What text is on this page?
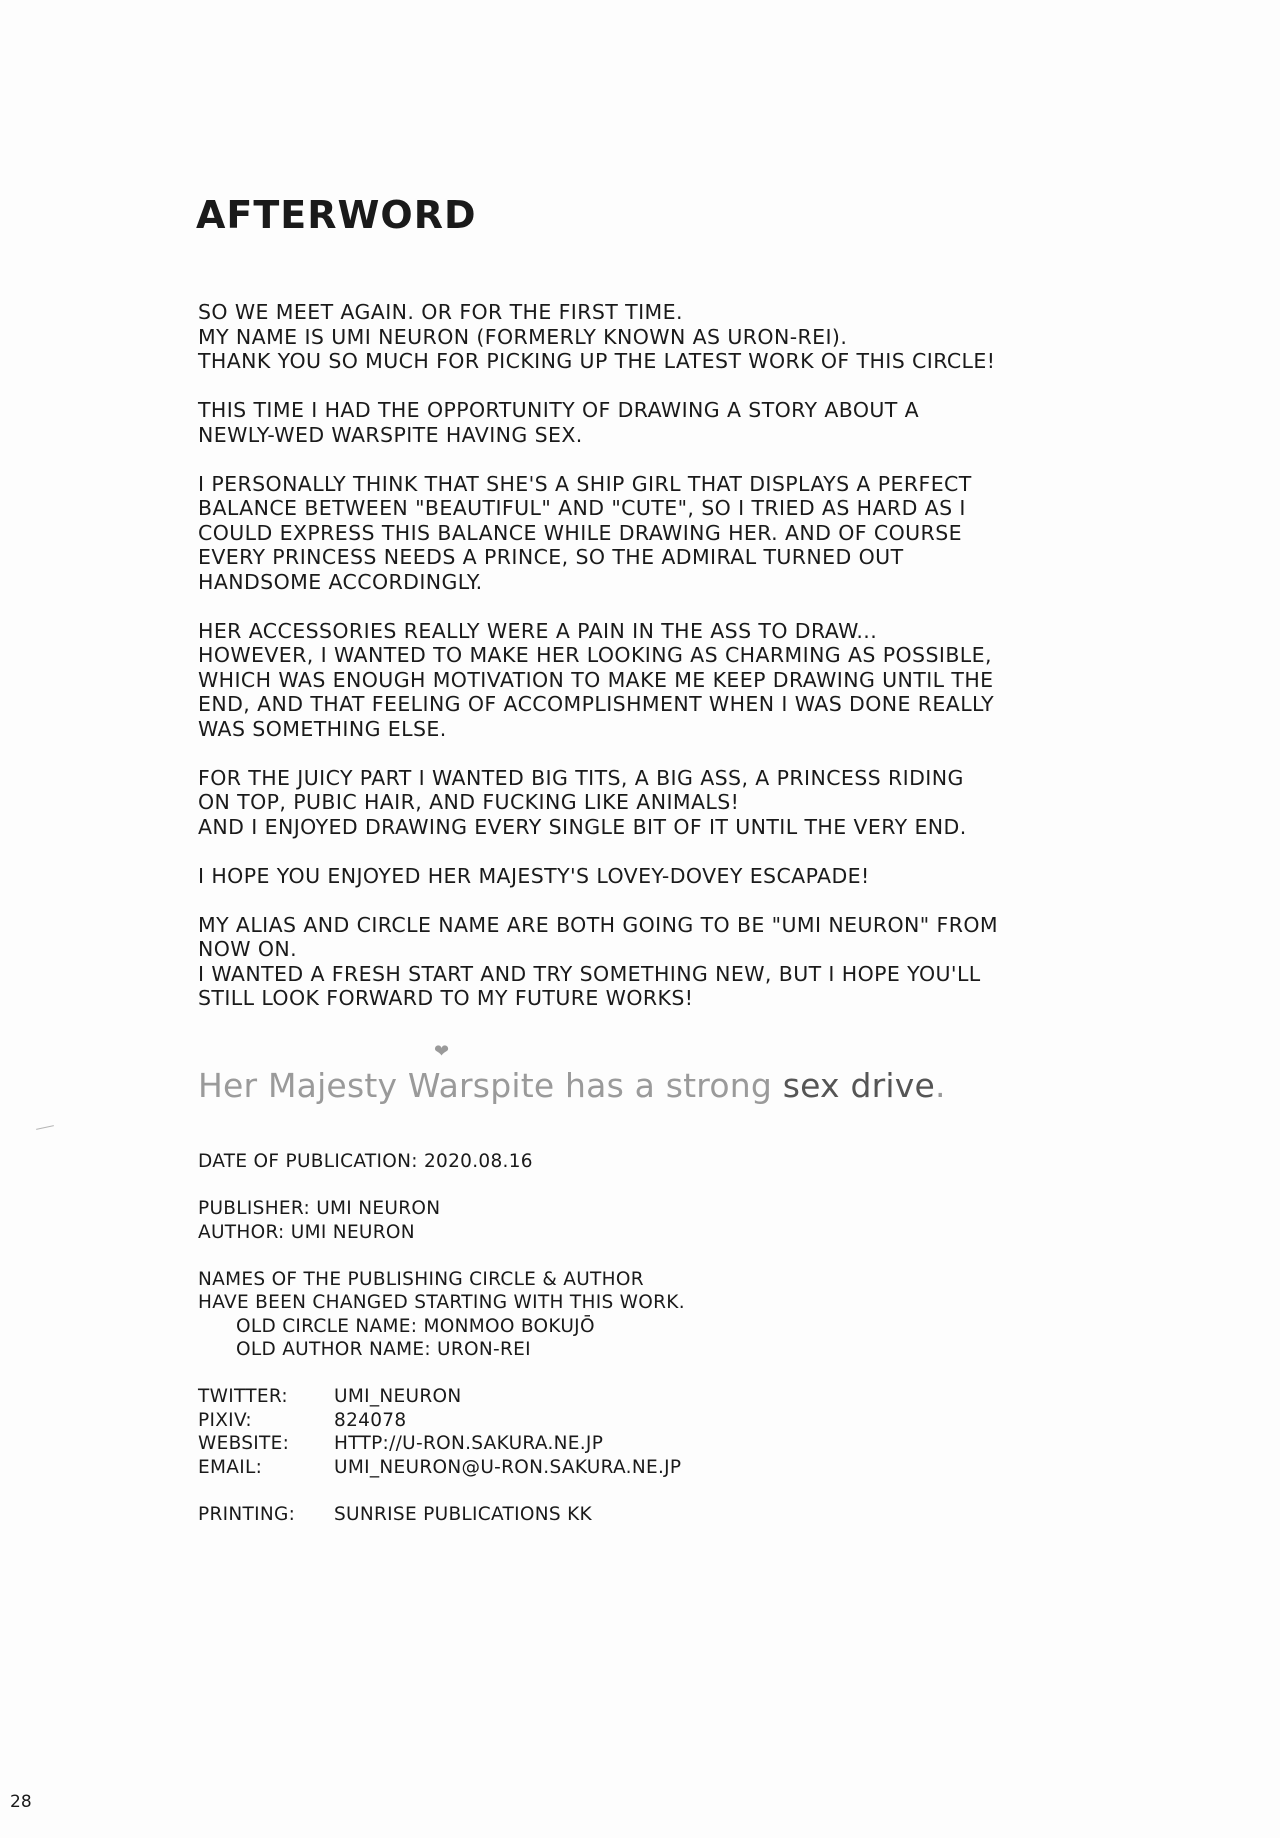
AFTERWORD

SO WE MEET AGAIN. OR FOR THE FIRST TIME.
MY NAME IS UMI NEURON (FORMERLY KNOWN AS URON-REI).
THANK YOU SO MUCH FOR PICKING UP THE LATEST WORK OF THIS CIRCLE!

THIS TIME I HAD THE OPPORTUNITY OF DRAWING A STORY ABOUT A
NEWLY-WED WARSPITE HAVING SEX.

I PERSONALLY THINK THAT SHE'S A SHIP GIRL THAT DISPLAYS A PERFECT
BALANCE BETWEEN "BEAUTIFUL" AND "CUTE", SO I TRIED AS HARD AS I
COULD EXPRESS THIS BALANCE WHILE DRAWING HER. AND OF COURSE
EVERY PRINCESS NEEDS A PRINCE, SO THE ADMIRAL TURNED OUT
HANDSOME ACCORDINGLY.

HER ACCESSORIES REALLY WERE A PAIN IN THE ASS TO DRAW...
HOWEVER, I WANTED TO MAKE HER LOOKING AS CHARMING AS POSSIBLE,
WHICH WAS ENOUGH MOTIVATION TO MAKE ME KEEP DRAWING UNTIL THE
END, AND THAT FEELING OF ACCOMPLISHMENT WHEN I WAS DONE REALLY
WAS SOMETHING ELSE.

FOR THE JUICY PART I WANTED BIG TITS, A BIG ASS, A PRINCESS RIDING
ON TOP, PUBIC HAIR, AND FUCKING LIKE ANIMALS!
AND I ENJOYED DRAWING EVERY SINGLE BIT OF IT UNTIL THE VERY END.

I HOPE YOU ENJOYED HER MAJESTY'S LOVEY-DOVEY ESCAPADE!

MY ALIAS AND CIRCLE NAME ARE BOTH GOING TO BE "UMI NEURON" FROM
NOW ON.
I WANTED A FRESH START AND TRY SOMETHING NEW, BUT I HOPE YOU'LL
STILL LOOK FORWARD TO MY FUTURE WORKS!

❤
Her Majesty Warspite has a strong sex drive.

DATE OF PUBLICATION: 2020.08.16

PUBLISHER: UMI NEURON
AUTHOR: UMI NEURON

NAMES OF THE PUBLISHING CIRCLE & AUTHOR
HAVE BEEN CHANGED STARTING WITH THIS WORK.
OLD CIRCLE NAME: MONMOO BOKUJŌ
OLD AUTHOR NAME: URON-REI

TWITTER:	UMI_NEURON
PIXIV:	824078
WEBSITE:	HTTP://U-RON.SAKURA.NE.JP
EMAIL:	UMI_NEURON@U-RON.SAKURA.NE.JP
PRINTING:	SUNRISE PUBLICATIONS KK
28
